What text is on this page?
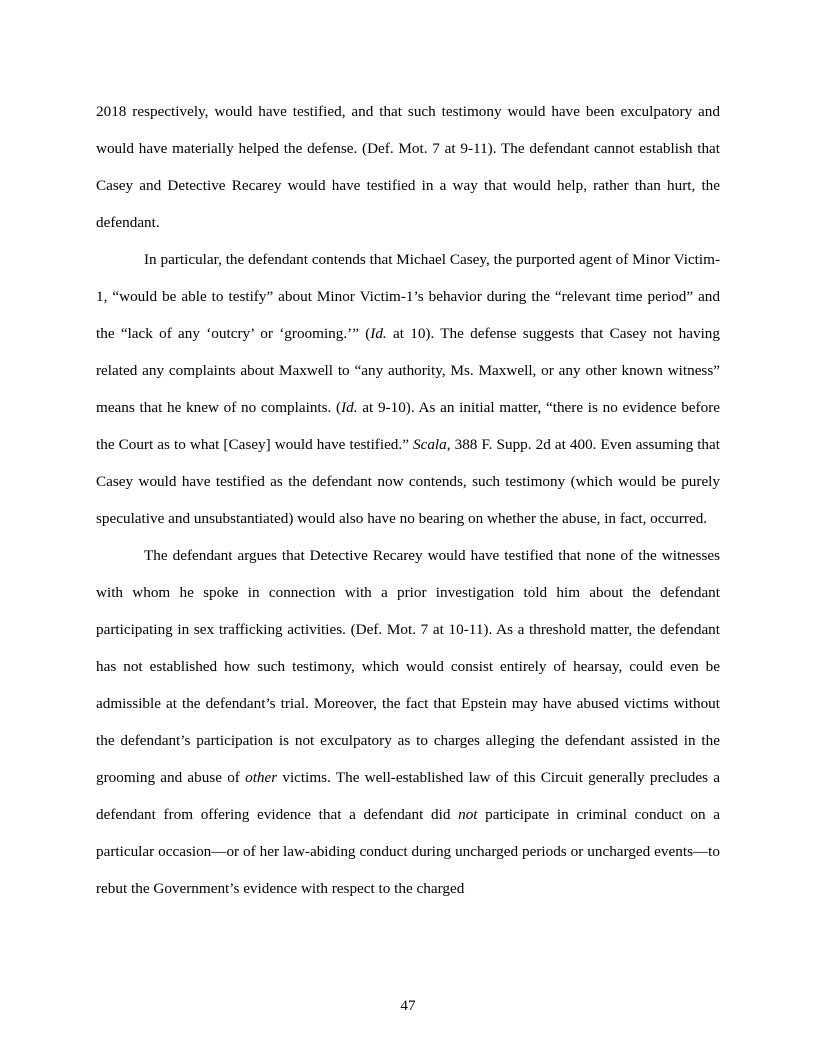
2018 respectively, would have testified, and that such testimony would have been exculpatory and would have materially helped the defense. (Def. Mot. 7 at 9-11). The defendant cannot establish that Casey and Detective Recarey would have testified in a way that would help, rather than hurt, the defendant.

In particular, the defendant contends that Michael Casey, the purported agent of Minor Victim-1, “would be able to testify” about Minor Victim-1’s behavior during the “relevant time period” and the “lack of any ‘outcry’ or ‘grooming.’” (Id. at 10). The defense suggests that Casey not having related any complaints about Maxwell to “any authority, Ms. Maxwell, or any other known witness” means that he knew of no complaints. (Id. at 9-10). As an initial matter, “there is no evidence before the Court as to what [Casey] would have testified.” Scala, 388 F. Supp. 2d at 400. Even assuming that Casey would have testified as the defendant now contends, such testimony (which would be purely speculative and unsubstantiated) would also have no bearing on whether the abuse, in fact, occurred.

The defendant argues that Detective Recarey would have testified that none of the witnesses with whom he spoke in connection with a prior investigation told him about the defendant participating in sex trafficking activities. (Def. Mot. 7 at 10-11). As a threshold matter, the defendant has not established how such testimony, which would consist entirely of hearsay, could even be admissible at the defendant’s trial. Moreover, the fact that Epstein may have abused victims without the defendant’s participation is not exculpatory as to charges alleging the defendant assisted in the grooming and abuse of other victims. The well-established law of this Circuit generally precludes a defendant from offering evidence that a defendant did not participate in criminal conduct on a particular occasion—or of her law-abiding conduct during uncharged periods or uncharged events—to rebut the Government’s evidence with respect to the charged

47
